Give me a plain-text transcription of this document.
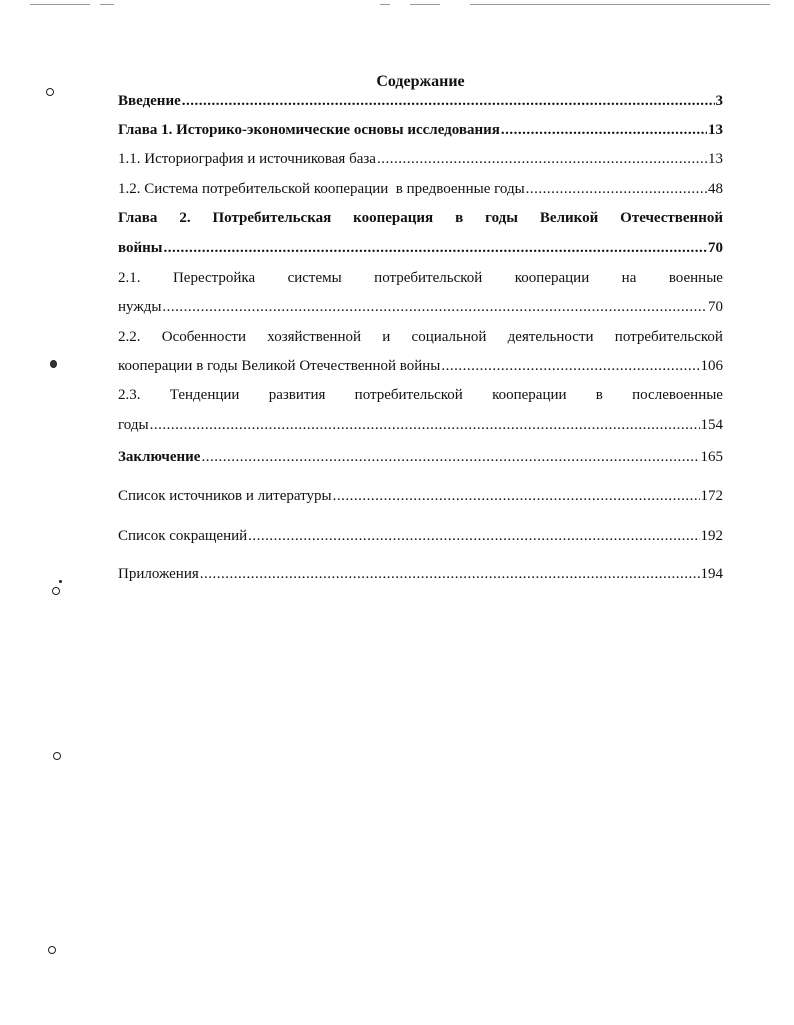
Содержание
Введение .....	3
Глава 1. Историко-экономические основы исследования .....	13
1.1. Историография и источниковая база .....	13
1.2. Система потребительской кооперации  в предвоенные годы .....	48
Глава 2. Потребительская кооперация в годы Великой Отечественной
войны .....	70
2.1. Перестройка системы потребительской кооперации на военные
нужды .....	70
2.2. Особенности хозяйственной и социальной деятельности потребительской
кооперации в годы Великой Отечественной войны .....	106
2.3. Тенденции развития потребительской кооперации в послевоенные
годы .....	154
Заключение .....	165
Список источников и литературы .....	172
Список сокращений .....	192
Приложения .....	194
